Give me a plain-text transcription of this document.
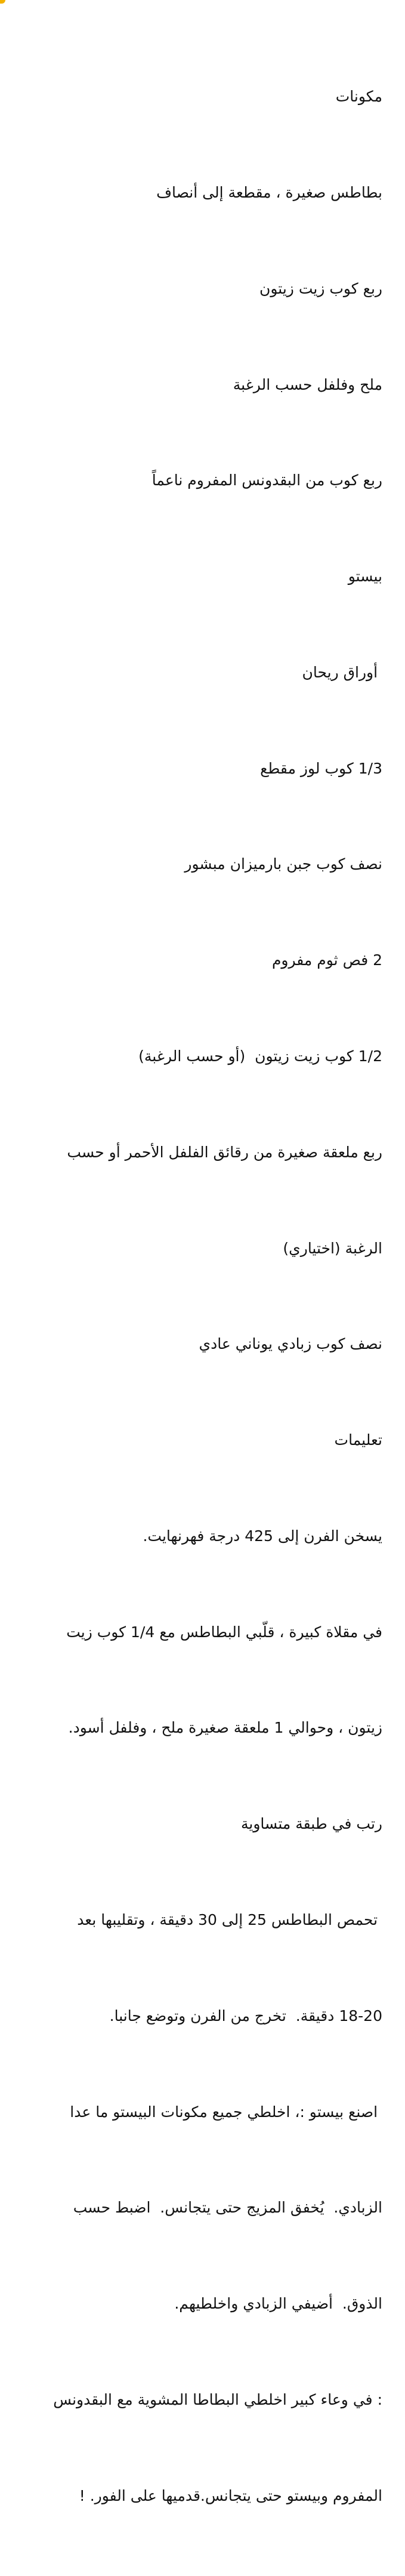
مكونات

بطاطس صغيرة ، مقطعة إلى أنصاف

ربع كوب زيت زيتون

ملح وفلفل حسب الرغبة

ربع كوب من البقدونس المفروم ناعماً

بيستو

أوراق ريحان

1/3 كوب لوز مقطع

نصف كوب جبن بارميزان مبشور

2 فص ثوم مفروم

1/2 كوب زيت زيتون  (أو حسب الرغبة)

ربع ملعقة صغيرة من رقائق الفلفل الأحمر أو حسب

الرغبة (اختياري)

نصف كوب زبادي يوناني عادي

تعليمات

يسخن الفرن إلى 425 درجة فهرنهايت.

في مقلاة كبيرة ، قلّبي البطاطس مع 1/4 كوب زيت

زيتون ، وحوالي 1 ملعقة صغيرة ملح ، وفلفل أسود.

رتب في طبقة متساوية

تحمص البطاطس 25 إلى 30 دقيقة ، وتقليبها بعد

18-20 دقيقة.  تخرج من الفرن وتوضع جانبا.

اصنع بيستو :، اخلطي جميع مكونات البيستو ما عدا

الزبادي.  يُخفق المزيج حتى يتجانس.  اضبط حسب

الذوق.  أضيفي الزبادي واخلطيهم.

: في وعاء كبير اخلطي البطاطا المشوية مع البقدونس

المفروم وبيستو حتى يتجانس.قدميها على الفور. !
